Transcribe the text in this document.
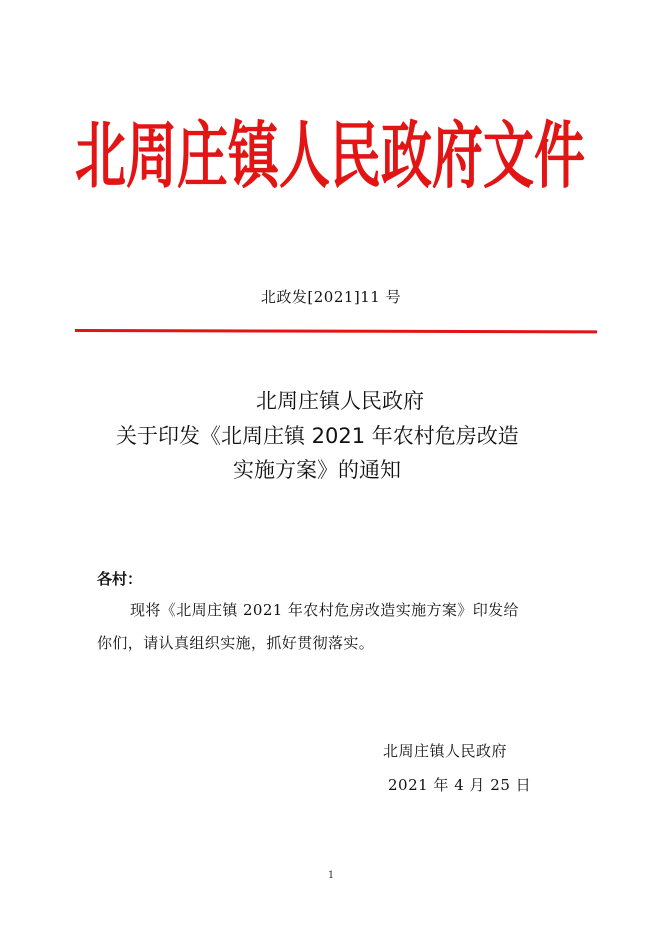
北周庄镇人民政府文件
北政发[2021]11 号
北周庄镇人民政府
关于印发《北周庄镇 2021 年农村危房改造
实施方案》的通知
各村：
现将《北周庄镇 2021 年农村危房改造实施方案》印发给
你们，请认真组织实施，抓好贯彻落实。
北周庄镇人民政府
2021 年 4 月 25 日
1
